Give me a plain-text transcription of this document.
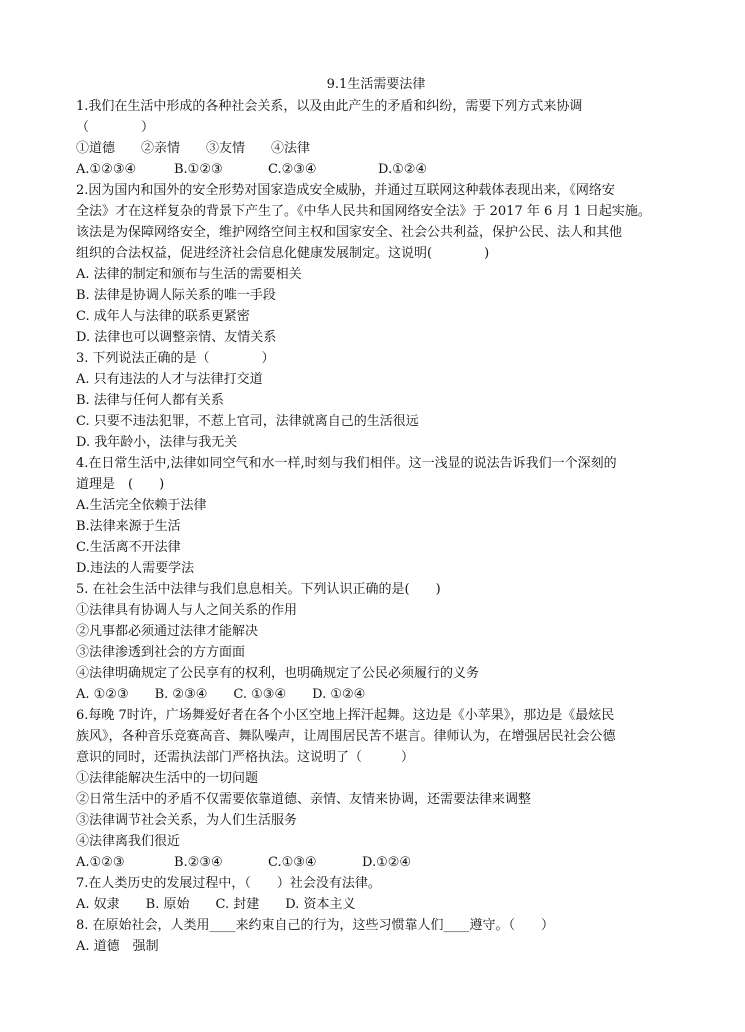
9.1生活需要法律
1.我们在生活中形成的各种社会关系，以及由此产生的矛盾和纠纷，需要下列方式来协调
（　　　　）
①道德　　②亲情　　③友情　　④法律
A.①②③④	B.①②③	C.②③④	D.①②④
2.因为国内和国外的安全形势对国家造成安全威胁，并通过互联网这种载体表现出来，《网络安
全法》才在这样复杂的背景下产生了。《中华人民共和国网络安全法》于 2017 年 6 月 1 日起实施。
该法是为保障网络安全，维护网络空间主权和国家安全、社会公共利益，保护公民、法人和其他
组织的合法权益，促进经济社会信息化健康发展制定。这说明(　　　　)
A. 法律的制定和颁布与生活的需要相关
B. 法律是协调人际关系的唯一手段
C. 成年人与法律的联系更紧密
D. 法律也可以调整亲情、友情关系
3. 下列说法正确的是（　　　　）
A. 只有违法的人才与法律打交道
B. 法律与任何人都有关系
C. 只要不违法犯罪，不惹上官司，法律就离自己的生活很远
D. 我年龄小，法律与我无关
4.在日常生活中,法律如同空气和水一样,时刻与我们相伴。这一浅显的说法告诉我们一个深刻的
道理是　(　　)
A.生活完全依赖于法律
B.法律来源于生活
C.生活离不开法律
D.违法的人需要学法
5. 在社会生活中法律与我们息息相关。下列认识正确的是(　　)
①法律具有协调人与人之间关系的作用
②凡事都必须通过法律才能解决
③法律渗透到社会的方方面面
④法律明确规定了公民享有的权利，也明确规定了公民必须履行的义务
A. ①②③　　B. ②③④　　C. ①③④　　D. ①②④
6.每晚 7时许，广场舞爱好者在各个小区空地上挥汗起舞。这边是《小苹果》，那边是《最炫民
族风》，各种音乐竞赛高音、舞队噪声，让周围居民苦不堪言。律师认为，在增强居民社会公德
意识的同时，还需执法部门严格执法。这说明了（　　　）
①法律能解决生活中的一切问题
②日常生活中的矛盾不仅需要依靠道德、亲情、友情来协调，还需要法律来调整
③法律调节社会关系，为人们生活服务
④法律离我们很近
A.①②③	B.②③④	C.①③④	D.①②④
7.在人类历史的发展过程中，（　　）社会没有法律。
A. 奴隶　　B. 原始　　C. 封建　　D. 资本主义
8. 在原始社会，人类用____来约束自己的行为，这些习惯靠人们____遵守。（　　）
A. 道德　强制
